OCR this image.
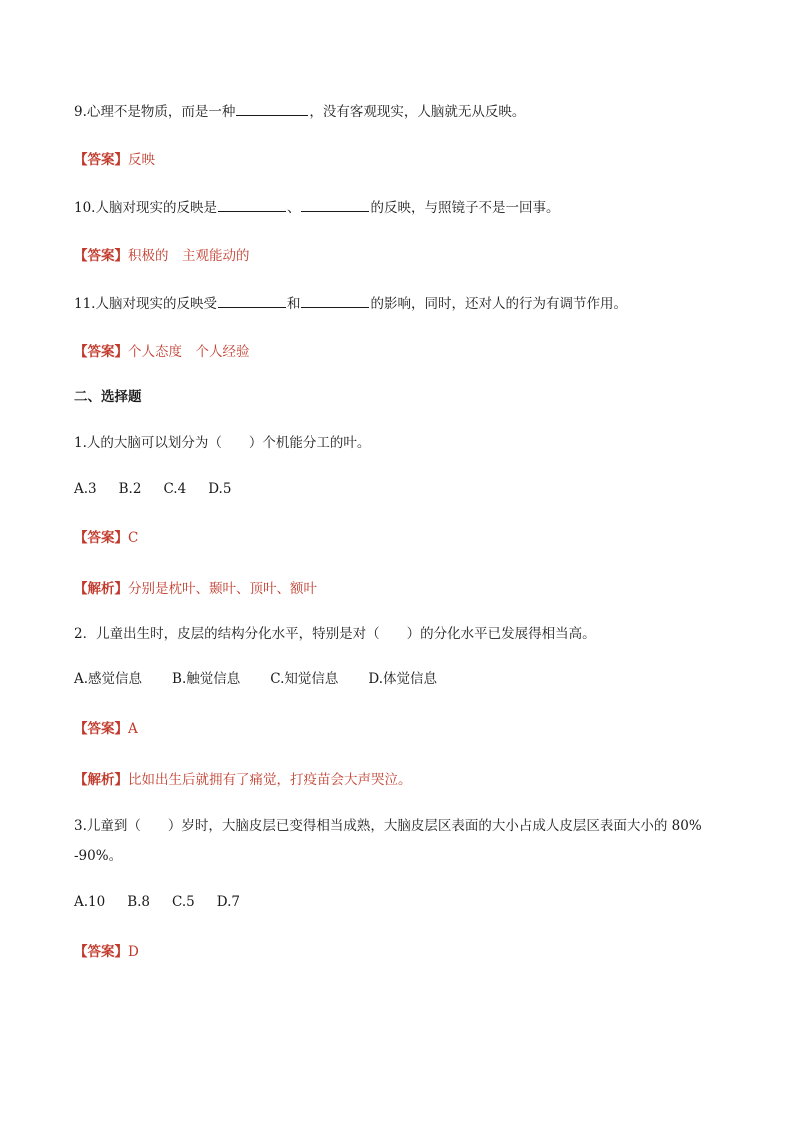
9.心理不是物质，而是一种	，没有客观现实，人脑就无从反映。
【答案】反映
10.人脑对现实的反映是	、	的反映，与照镜子不是一回事。
【答案】积极的　主观能动的
11.人脑对现实的反映受	和	的影响，同时，还对人的行为有调节作用。
【答案】个人态度　个人经验
二、选择题
1.人的大脑可以划分为（　　）个机能分工的叶。
A.3 B.2 C.4 D.5
【答案】C
【解析】分别是枕叶、颞叶、顶叶、额叶
2．儿童出生时，皮层的结构分化水平，特别是对（　　）的分化水平已发展得相当高。
A.感觉信息 B.触觉信息 C.知觉信息 D.体觉信息
【答案】A
【解析】比如出生后就拥有了痛觉，打疫苗会大声哭泣。
3.儿童到（　　）岁时，大脑皮层已变得相当成熟，大脑皮层区表面的大小占成人皮层区表面大小的 80%
-90%。
A.10 B.8 C.5 D.7
【答案】D
